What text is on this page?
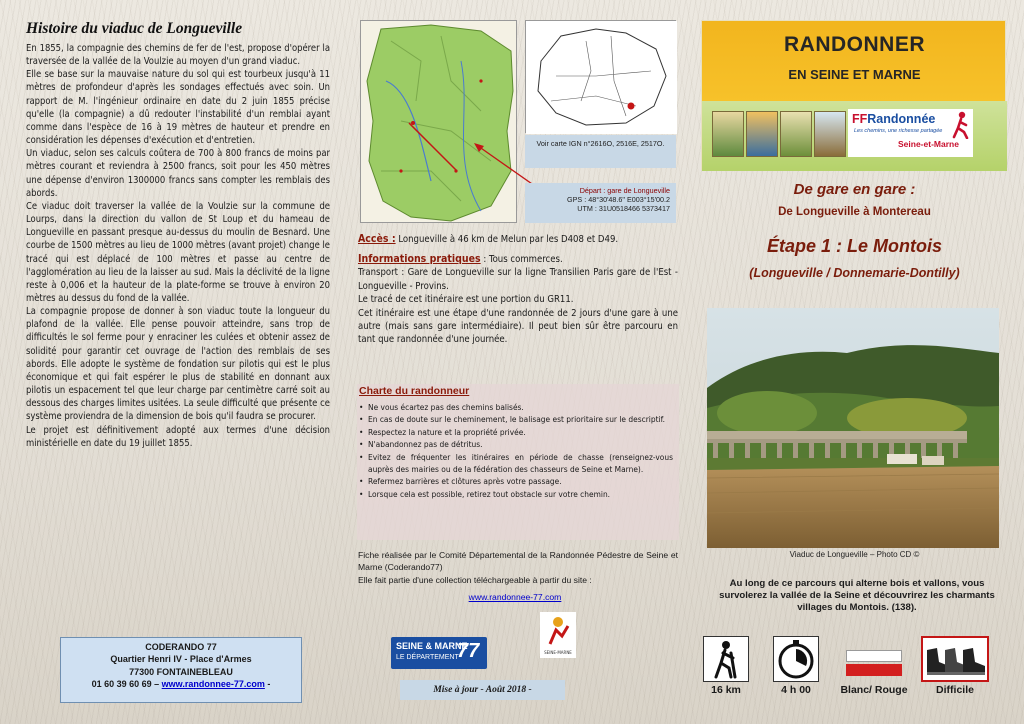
Histoire du viaduc de Longueville

En 1855, la compagnie des chemins de fer de l'est, propose d'opérer la traversée de la vallée de la Voulzie au moyen d'un grand viaduc.

Elle se base sur la mauvaise nature du sol qui est tourbeux jusqu'à 11 mètres de profondeur d'après les sondages effectués avec soin. Un rapport de M. l'ingénieur ordinaire en date du 2 juin 1855 précise qu'elle (la compagnie) a dû redouter l'instabilité d'un remblai ayant comme dans l'espèce de 16 à 19 mètres de hauteur et prendre en considération les dépenses d'exécution et d'entretien.

Un viaduc, selon ses calculs coûtera de 700 à 800 francs de moins par mètres courant et reviendra à 2500 francs, soit pour les 450 mètres une dépense d'environ 1300000 francs sans compter les remblais des abords.

Ce viaduc doit traverser la vallée de la Voulzie sur la commune de Lourps, dans la direction du vallon de St Loup et du hameau de Longueville en passant presque au-dessus du moulin de Besnard. Une courbe de 1500 mètres au lieu de 1000 mètres (avant projet) change le tracé qui est déplacé de 100 mètres et passe au centre de l'agglomération au lieu de la laisser au sud. Mais la déclivité de la ligne reste à 0,006 et la hauteur de la plate-forme se trouve à environ 20 mètres au dessus du fond de la vallée.

La compagnie propose de donner à son viaduc toute la longueur du plafond de la vallée. Elle pense pouvoir atteindre, sans trop de difficultés le sol ferme pour y enraciner les culées et obtenir assez de solidité pour garantir cet ouvrage de l'action des remblais de ses abords. Elle adopte le système de fondation sur pilotis qui est le plus économique et qui fait espérer le plus de stabilité en donnant aux pilotis un espacement tel que leur charge par centimètre carré soit au dessous des charges limites usitées. La seule difficulté que présente ce système proviendra de la dimension de bois qu'il faudra se procurer.

Le projet est définitivement adopté aux termes d'une décision ministérielle en date du 19 juillet 1855.

CODERANDO 77
Quartier Henri IV - Place d'Armes
77300 FONTAINEBLEAU
01 60 39 60 69 – www.randonnee-77.com -
Voir carte IGN n°2616O, 2516E, 2517O.
Départ : gare de Longueville
GPS : 48°30'48.6" E003°15'00.2
UTM : 31U0518466 5373417
Accès : Longueville à 46 km de Melun par les D408 et D49.
Informations pratiques : Tous commerces.
Transport : Gare de Longueville sur la ligne Transilien Paris gare de l'Est - Longueville - Provins.
Le tracé de cet itinéraire est une portion du GR11.
Cet itinéraire est une étape d'une randonnée de 2 jours d'une gare à une autre (mais sans gare intermédiaire). Il peut bien sûr être parcouru en tant que randonnée d'une journée.
Charte du randonneur
• Ne vous écartez pas des chemins balisés.
• En cas de doute sur le cheminement, le balisage est prioritaire sur le descriptif.
• Respectez la nature et la propriété privée.
• N'abandonnez pas de détritus.
• Evitez de fréquenter les itinéraires en période de chasse (renseignez-vous auprès des mairies ou de la fédération des chasseurs de Seine et Marne).
• Refermez barrières et clôtures après votre passage.
• Lorsque cela est possible, retirez tout obstacle sur votre chemin.
Fiche réalisée par le Comité Départemental de la Randonnée Pédestre de Seine et Marne (Coderando77)
Elle fait partie d'une collection téléchargeable à partir du site :
www.randonnee-77.com
SEINE-MARNE
SEINE & MARNE
LE DÉPARTEMENT
77
Mise à jour - Août 2018 -
RANDONNER
EN SEINE ET MARNE
FFRandonnée
Les chemins, une richesse partagée
Seine-et-Marne
De gare en gare :
De Longueville à Montereau
Étape 1 : Le Montois
(Longueville / Donnemarie-Dontilly)
Viaduc de Longueville – Photo CD ©
Au long de ce parcours qui alterne bois et vallons, vous survolerez la vallée de la Seine et découvrirez les charmants villages du Montois. (138).
16 km	4 h 00	Blanc/ Rouge	Difficile
